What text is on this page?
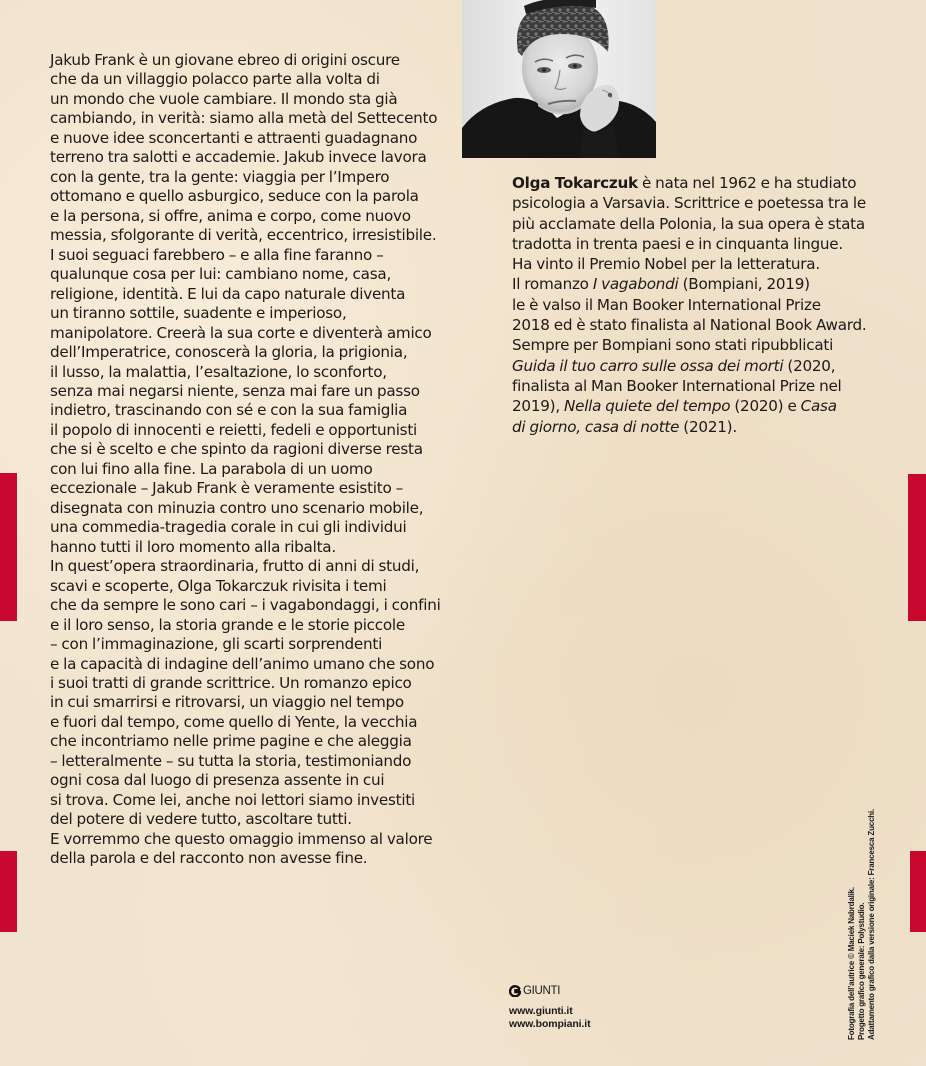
Jakub Frank è un giovane ebreo di origini oscure
che da un villaggio polacco parte alla volta di
un mondo che vuole cambiare. Il mondo sta già
cambiando, in verità: siamo alla metà del Settecento
e nuove idee sconcertanti e attraenti guadagnano
terreno tra salotti e accademie. Jakub invece lavora
con la gente, tra la gente: viaggia per l’Impero
ottomano e quello asburgico, seduce con la parola
e la persona, si offre, anima e corpo, come nuovo
messia, sfolgorante di verità, eccentrico, irresistibile.
I suoi seguaci farebbero – e alla fine faranno –
qualunque cosa per lui: cambiano nome, casa,
religione, identità. E lui da capo naturale diventa
un tiranno sottile, suadente e imperioso,
manipolatore. Creerà la sua corte e diventerà amico
dell’Imperatrice, conoscerà la gloria, la prigionia,
il lusso, la malattia, l’esaltazione, lo sconforto,
senza mai negarsi niente, senza mai fare un passo
indietro, trascinando con sé e con la sua famiglia
il popolo di innocenti e reietti, fedeli e opportunisti
che si è scelto e che spinto da ragioni diverse resta
con lui fino alla fine. La parabola di un uomo
eccezionale – Jakub Frank è veramente esistito –
disegnata con minuzia contro uno scenario mobile,
una commedia-tragedia corale in cui gli individui
hanno tutti il loro momento alla ribalta.
In quest’opera straordinaria, frutto di anni di studi,
scavi e scoperte, Olga Tokarczuk rivisita i temi
che da sempre le sono cari – i vagabondaggi, i confini
e il loro senso, la storia grande e le storie piccole
– con l’immaginazione, gli scarti sorprendenti
e la capacità di indagine dell’animo umano che sono
i suoi tratti di grande scrittrice. Un romanzo epico
in cui smarrirsi e ritrovarsi, un viaggio nel tempo
e fuori dal tempo, come quello di Yente, la vecchia
che incontriamo nelle prime pagine e che aleggia
– letteralmente – su tutta la storia, testimoniando
ogni cosa dal luogo di presenza assente in cui
si trova. Come lei, anche noi lettori siamo investiti
del potere di vedere tutto, ascoltare tutti.
E vorremmo che questo omaggio immenso al valore
della parola e del racconto non avesse fine.
Olga Tokarczuk è nata nel 1962 e ha studiato
psicologia a Varsavia. Scrittrice e poetessa tra le
più acclamate della Polonia, la sua opera è stata
tradotta in trenta paesi e in cinquanta lingue.
Ha vinto il Premio Nobel per la letteratura.
Il romanzo I vagabondi (Bompiani, 2019)
le è valso il Man Booker International Prize
2018 ed è stato finalista al National Book Award.
Sempre per Bompiani sono stati ripubblicati
Guida il tuo carro sulle ossa dei morti (2020,
finalista al Man Booker International Prize nel
2019), Nella quiete del tempo (2020) e Casa
di giorno, casa di notte (2021).
GIUNTI
www.giunti.it
www.bompiani.it	Fotografia dell’autrice © Maciek Nabrdalik. Progetto grafico generale: Polystudio. Adattamento grafico dalla versione originale: Francesca Zucchi.
